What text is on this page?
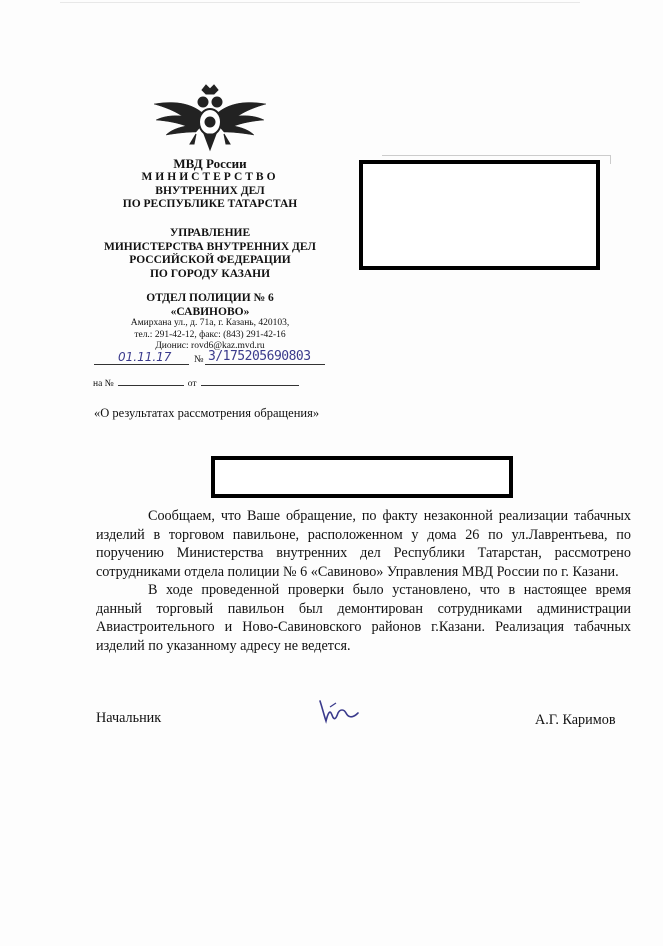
МВД России
МИНИСТЕРСТВО
ВНУТРЕННИХ ДЕЛ
ПО РЕСПУБЛИКЕ ТАТАРСТАН
УПРАВЛЕНИЕ
МИНИСТЕРСТВА ВНУТРЕННИХ ДЕЛ
РОССИЙСКОЙ ФЕДЕРАЦИИ
ПО ГОРОДУ КАЗАНИ
ОТДЕЛ ПОЛИЦИИ № 6
«САВИНОВО»
Амирхана ул., д. 71а, г. Казань, 420103,
тел.: 291-42-12, факс: (843) 291-42-16
Дионис: rovd6@kaz.mvd.ru
01.11.17 № 3/175205690803
на №	от
«О результатах рассмотрения обращения»

Сообщаем, что Ваше обращение, по факту незаконной реализации табачных изделий в торговом павильоне, расположенном у дома 26 по ул.Лаврентьева, по поручению Министерства внутренних дел Республики Татарстан, рассмотрено сотрудниками отдела полиции № 6 «Савиново» Управления МВД России по г. Казани.

В ходе проведенной проверки было установлено, что в настоящее время данный торговый павильон был демонтирован сотрудниками администрации Авиастроительного и Ново-Савиновского районов г.Казани. Реализация табачных изделий по указанному адресу не ведется.

Начальник	А.Г. Каримов
